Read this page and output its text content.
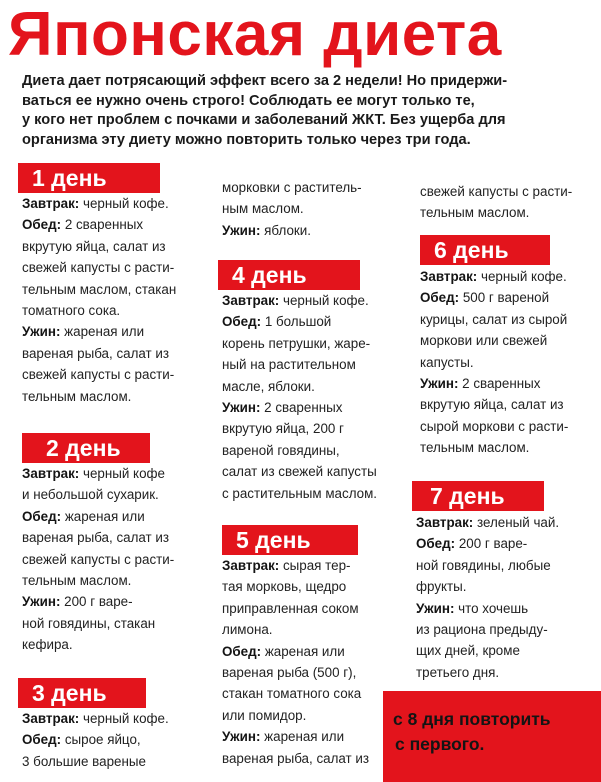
Японская диета
Диета дает потрясающий эффект всего за 2 недели! Но придержи-
ваться ее нужно очень строго! Соблюдать ее могут только те,
у кого нет проблем с почками и заболеваний ЖКТ. Без ущерба для
организма эту диету можно повторить только через три года.
1 день
Завтрак: черный кофе.
Обед: 2 сваренных
вкрутую яйца, салат из
свежей капусты с расти-
тельным маслом, стакан
томатного сока.
Ужин: жареная или
вареная рыба, салат из
свежей капусты с расти-
тельным маслом.
2 день
Завтрак: черный кофе
и небольшой сухарик.
Обед: жареная или
вареная рыба, салат из
свежей капусты с расти-
тельным маслом.
Ужин: 200 г варе-
ной говядины, стакан
кефира.
3 день
Завтрак: черный кофе.
Обед: сырое яйцо,
3 большие вареные
морковки с раститель-
ным маслом.
Ужин: яблоки.
4 день
Завтрак: черный кофе.
Обед: 1 большой
корень петрушки, жаре-
ный на растительном
масле, яблоки.
Ужин: 2 сваренных
вкрутую яйца, 200 г
вареной говядины,
салат из свежей капусты
с растительным маслом.
5 день
Завтрак: сырая тер-
тая морковь, щедро
приправленная соком
лимона.
Обед: жареная или
вареная рыба (500 г),
стакан томатного сока
или помидор.
Ужин: жареная или
вареная рыба, салат из
свежей капусты с расти-
тельным маслом.
6 день
Завтрак: черный кофе.
Обед: 500 г вареной
курицы, салат из сырой
моркови или свежей
капусты.
Ужин: 2 сваренных
вкрутую яйца, салат из
сырой моркови с расти-
тельным маслом.
7 день
Завтрак: зеленый чай.
Обед: 200 г варе-
ной говядины, любые
фрукты.
Ужин: что хочешь
из рациона предыду-
щих дней, кроме
третьего дня.
с 8 дня повторить
с первого.
